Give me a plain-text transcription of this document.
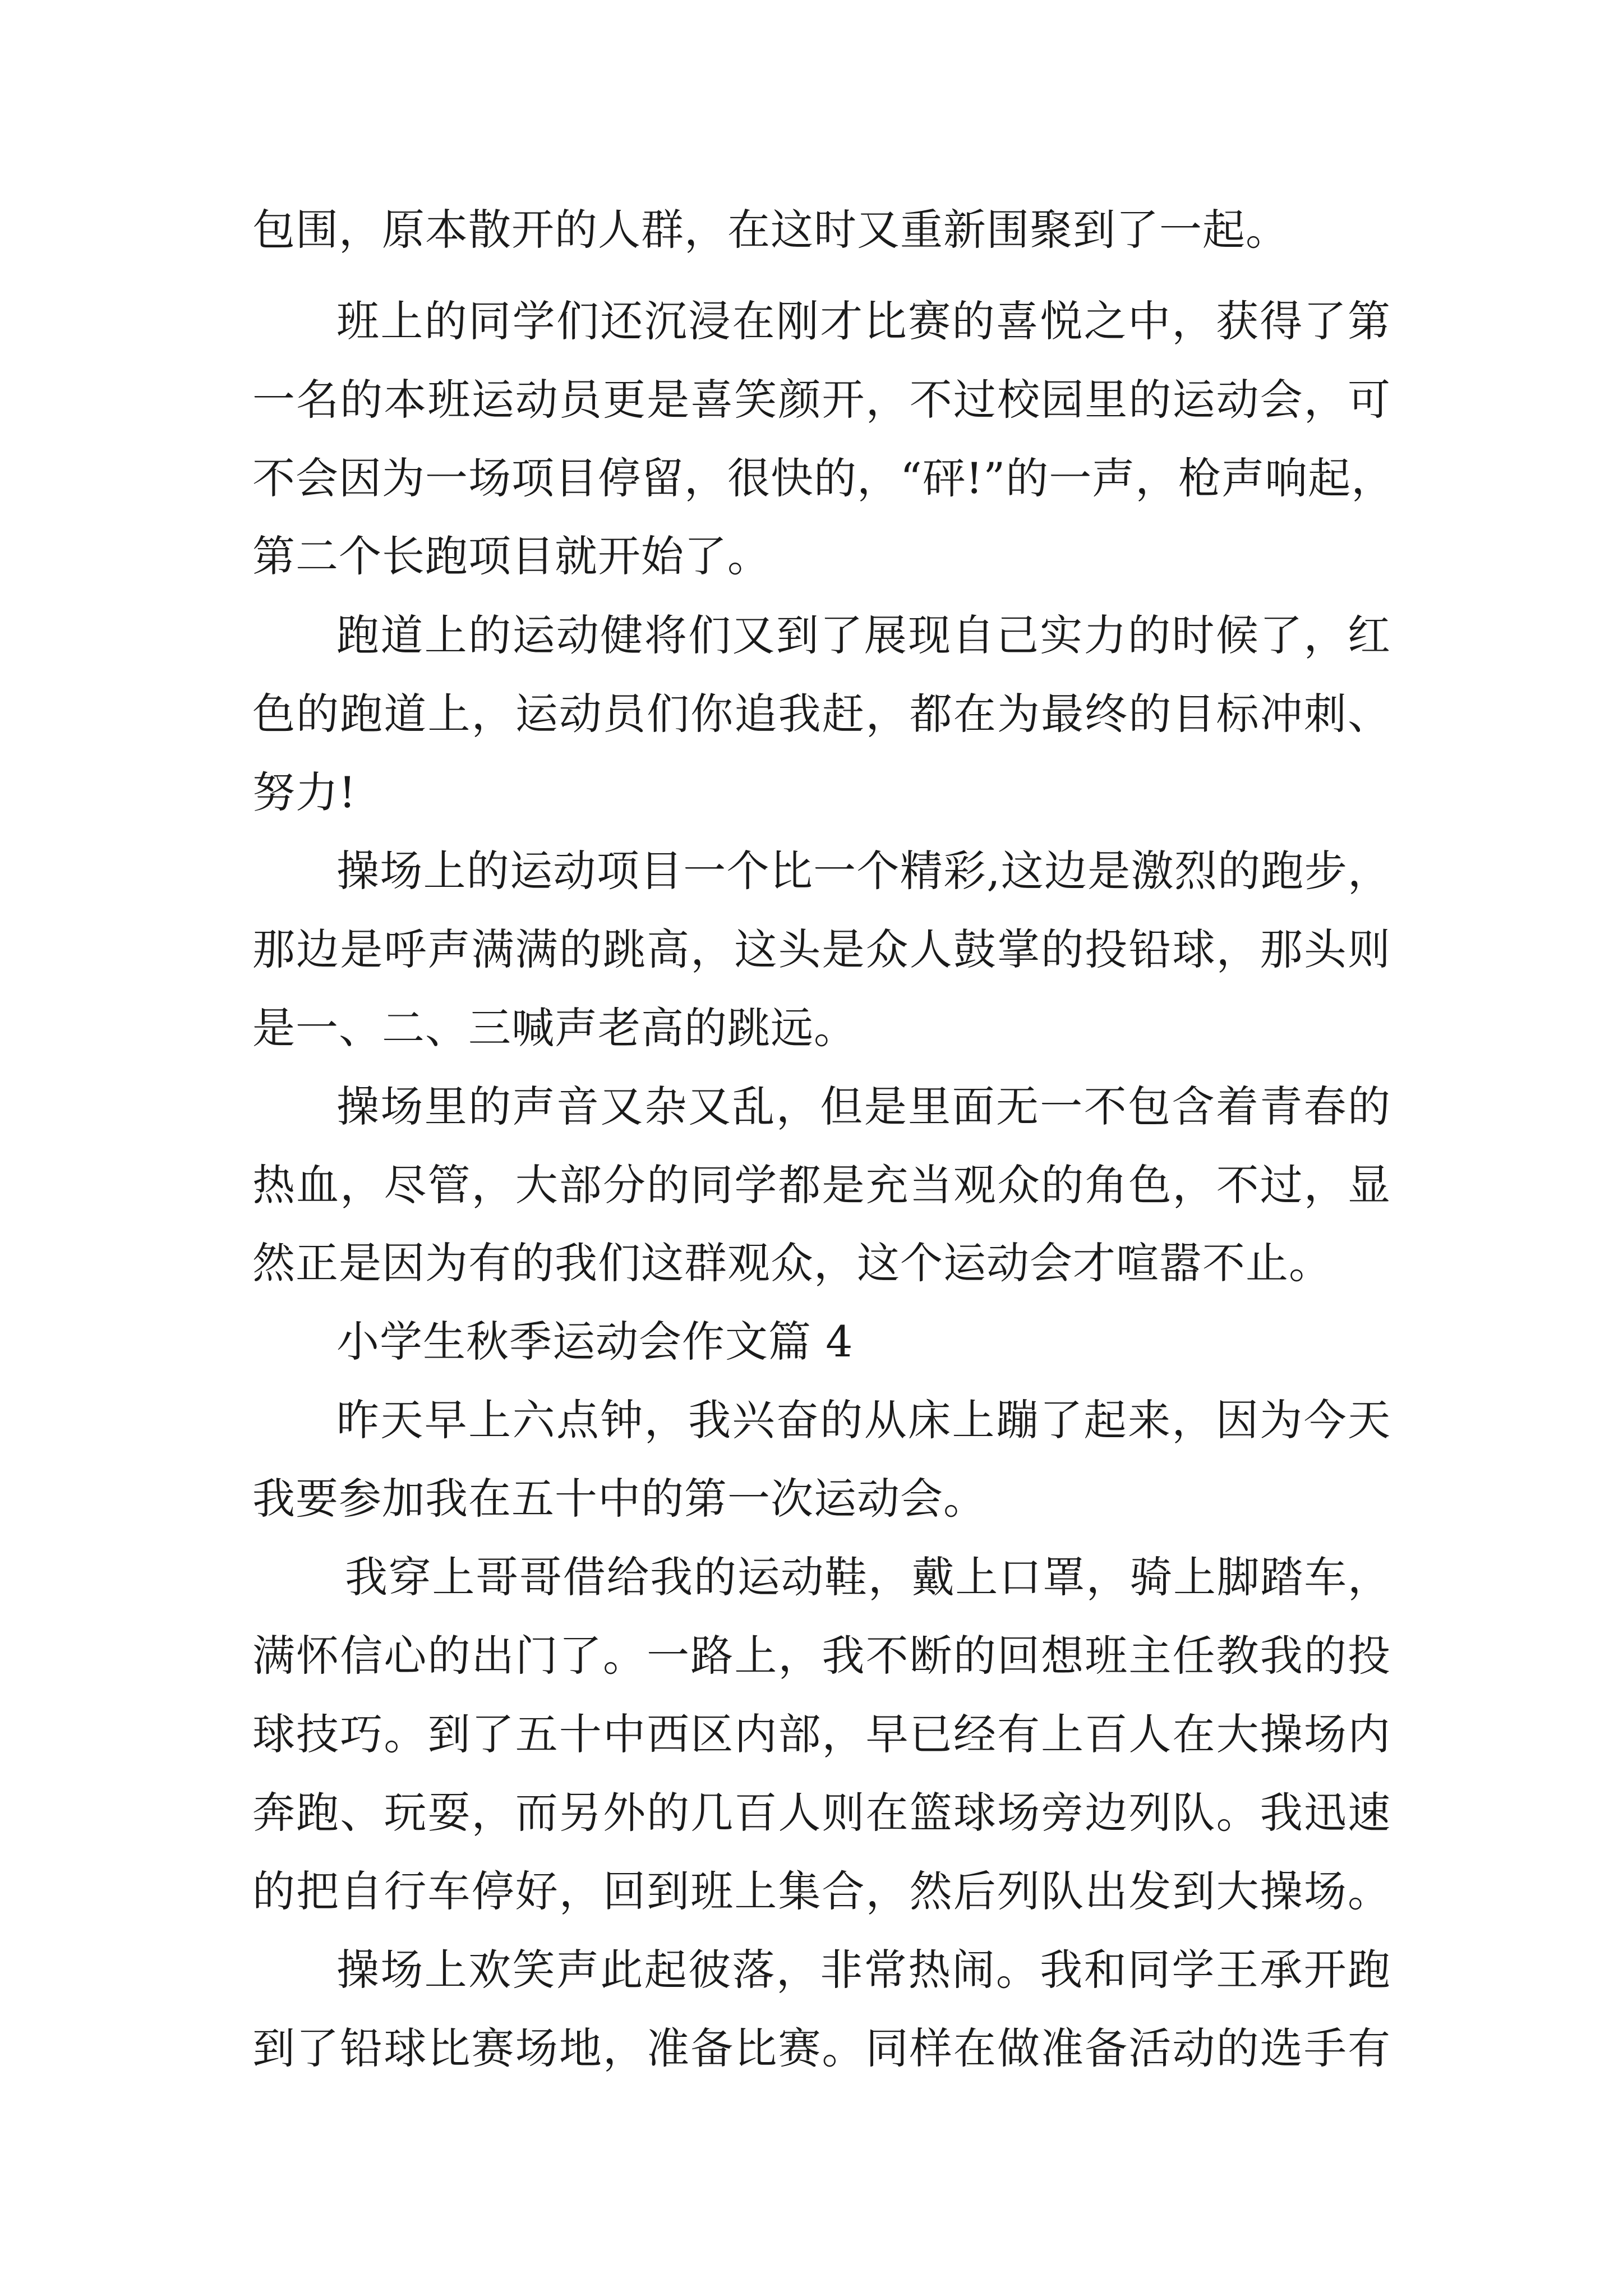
包围，原本散开的人群，在这时又重新围聚到了一起。
班上的同学们还沉浸在刚才比赛的喜悦之中，获得了第
一名的本班运动员更是喜笑颜开，不过校园里的运动会，可
不会因为一场项目停留，很快的，“砰!”的一声，枪声响起，
第二个长跑项目就开始了。
跑道上的运动健将们又到了展现自己实力的时候了，红
色的跑道上，运动员们你追我赶，都在为最终的目标冲刺、
努力!
操场上的运动项目一个比一个精彩,这边是激烈的跑步，
那边是呼声满满的跳高，这头是众人鼓掌的投铅球，那头则
是一、二、三喊声老高的跳远。
操场里的声音又杂又乱，但是里面无一不包含着青春的
热血，尽管，大部分的同学都是充当观众的角色，不过，显
然正是因为有的我们这群观众，这个运动会才喧嚣不止。
小学生秋季运动会作文篇 4
昨天早上六点钟，我兴奋的从床上蹦了起来，因为今天
我要参加我在五十中的第一次运动会。
我穿上哥哥借给我的运动鞋，戴上口罩，骑上脚踏车，
满怀信心的出门了。一路上，我不断的回想班主任教我的投
球技巧。到了五十中西区内部，早已经有上百人在大操场内
奔跑、玩耍，而另外的几百人则在篮球场旁边列队。我迅速
的把自行车停好，回到班上集合，然后列队出发到大操场。
操场上欢笑声此起彼落，非常热闹。我和同学王承开跑
到了铅球比赛场地，准备比赛。同样在做准备活动的选手有
